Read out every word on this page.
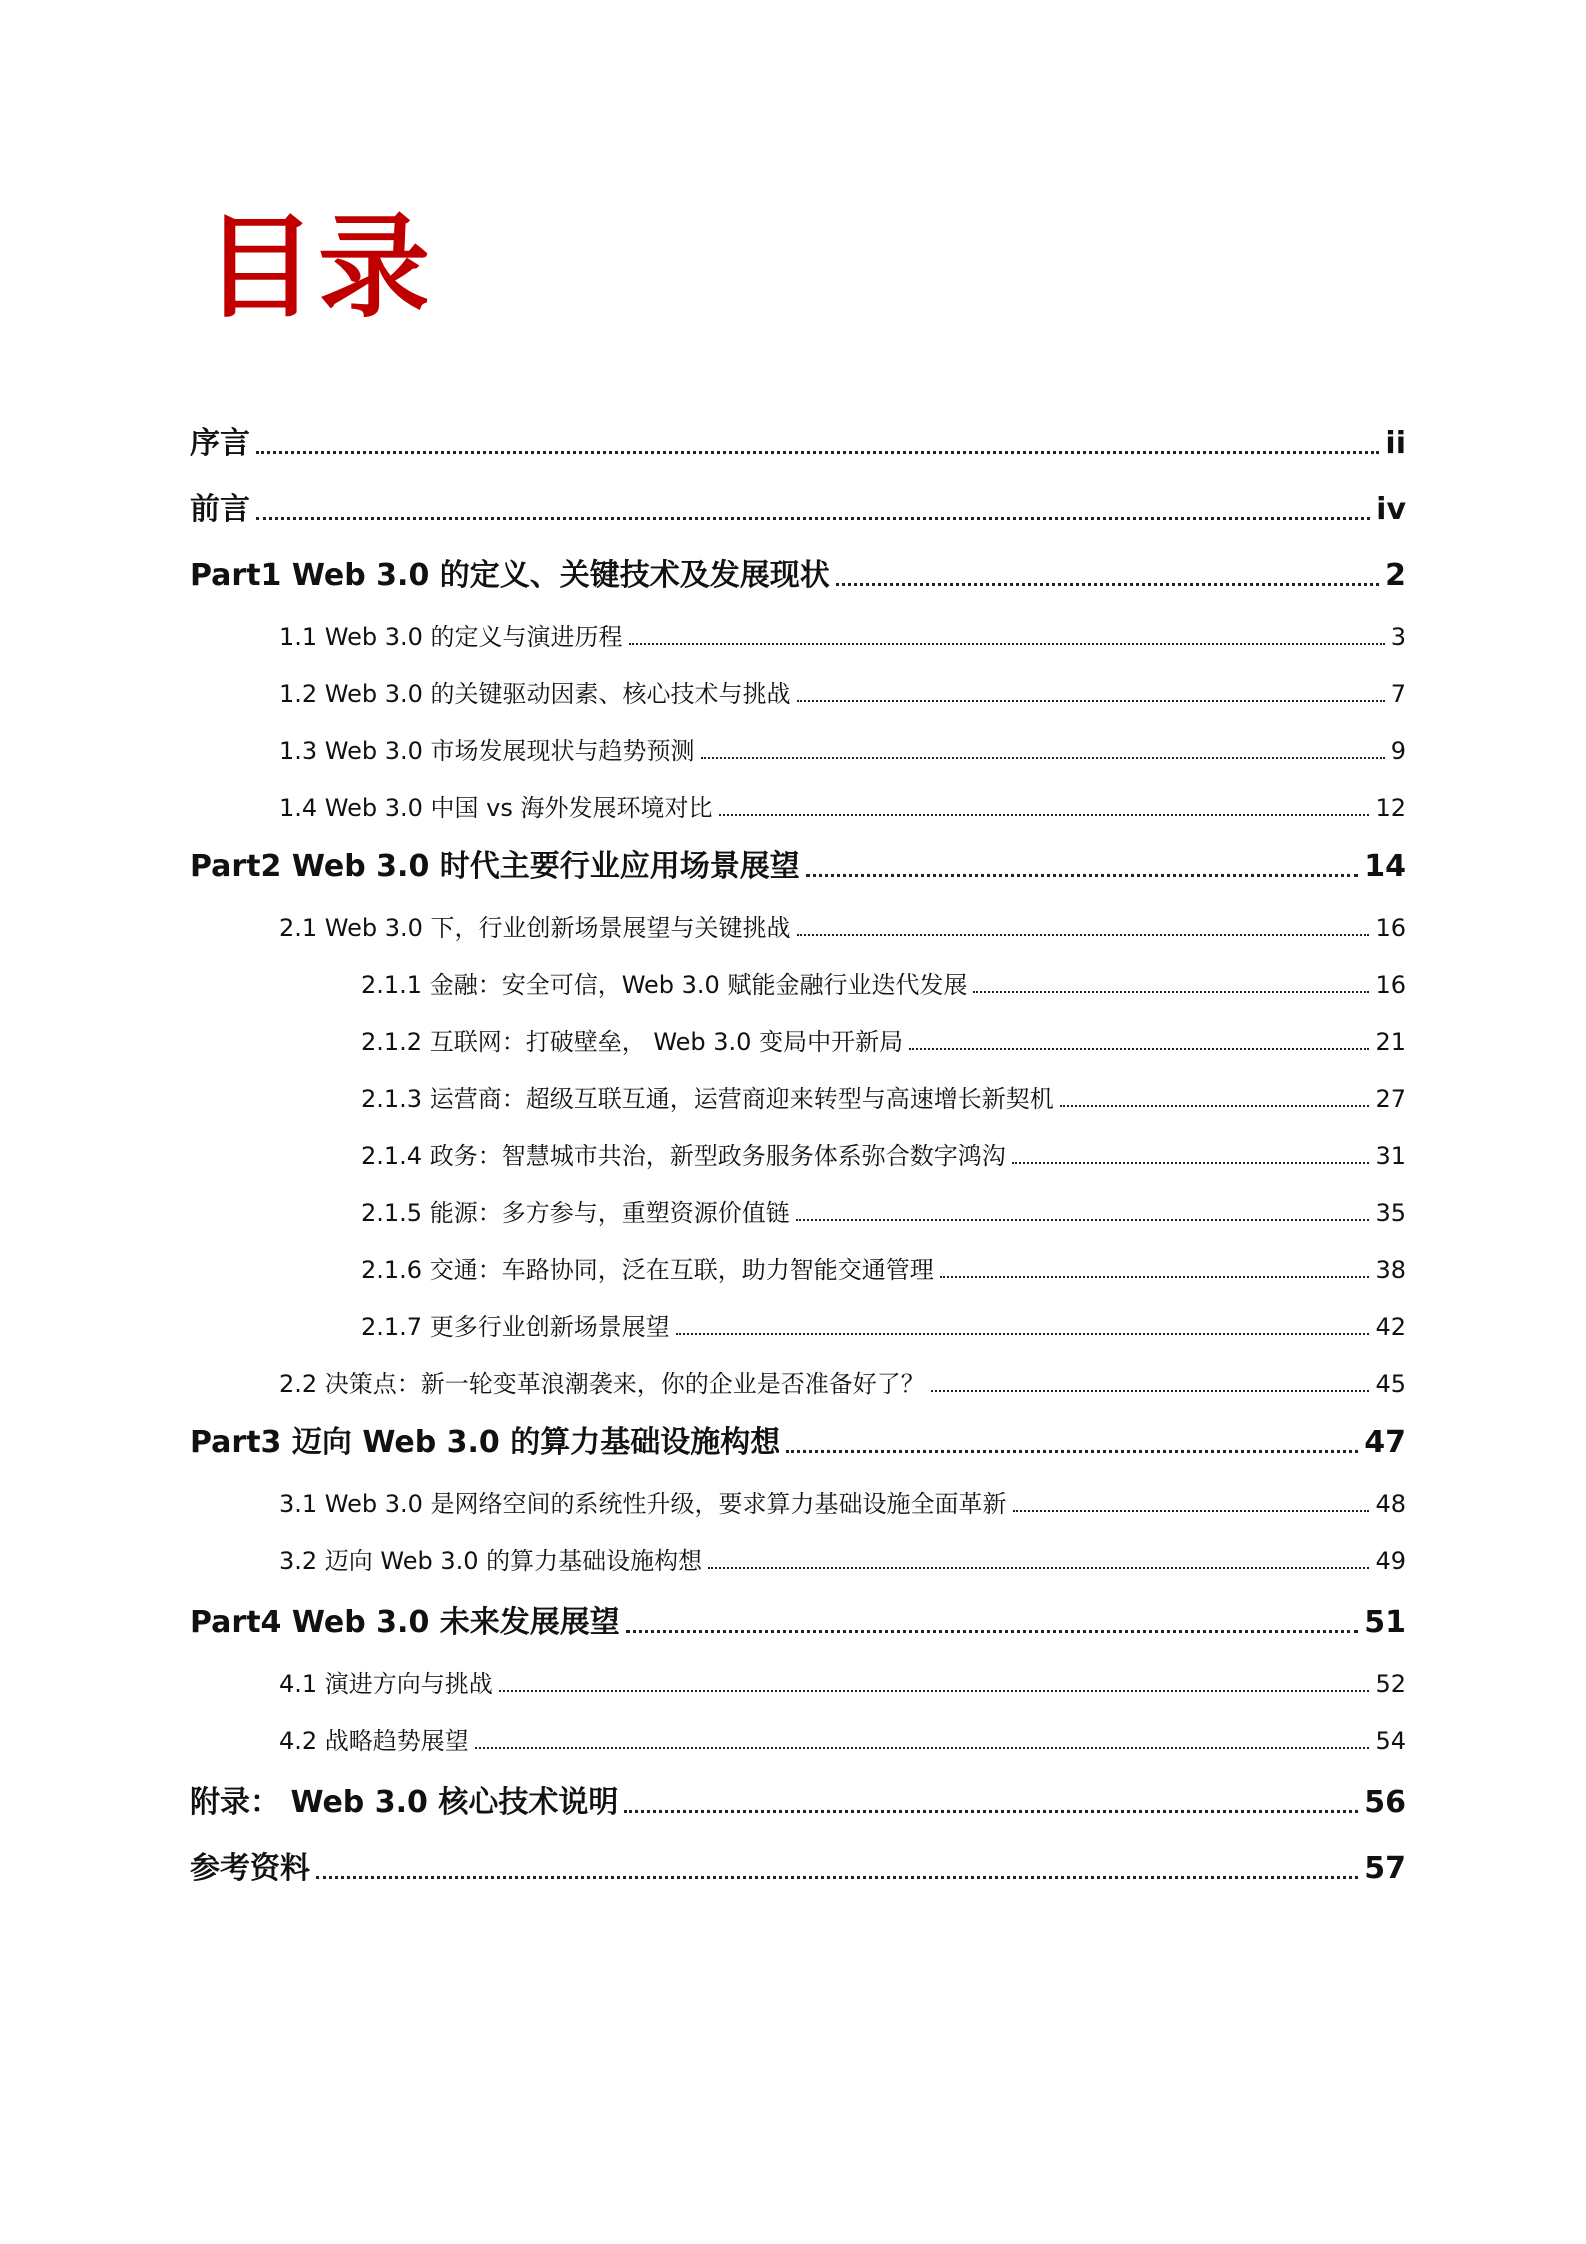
目录
序言	ii
前言	iv
Part1 Web 3.0 的定义、关键技术及发展现状	2
1.1 Web 3.0 的定义与演进历程	3
1.2 Web 3.0 的关键驱动因素、核心技术与挑战	7
1.3 Web 3.0 市场发展现状与趋势预测	9
1.4 Web 3.0 中国 vs 海外发展环境对比	12
Part2 Web 3.0 时代主要行业应用场景展望	14
2.1 Web 3.0 下，行业创新场景展望与关键挑战	16
2.1.1 金融：安全可信，Web 3.0 赋能金融行业迭代发展	16
2.1.2 互联网：打破壁垒， Web 3.0 变局中开新局	21
2.1.3 运营商：超级互联互通，运营商迎来转型与高速增长新契机	27
2.1.4 政务：智慧城市共治，新型政务服务体系弥合数字鸿沟	31
2.1.5 能源：多方参与，重塑资源价值链	35
2.1.6 交通：车路协同，泛在互联，助力智能交通管理	38
2.1.7 更多行业创新场景展望	42
2.2 决策点：新一轮变革浪潮袭来，你的企业是否准备好了？	45
Part3 迈向 Web 3.0 的算力基础设施构想	47
3.1 Web 3.0 是网络空间的系统性升级，要求算力基础设施全面革新	48
3.2 迈向 Web 3.0 的算力基础设施构想	49
Part4 Web 3.0 未来发展展望	51
4.1 演进方向与挑战	52
4.2 战略趋势展望	54
附录： Web 3.0 核心技术说明	56
参考资料	57
